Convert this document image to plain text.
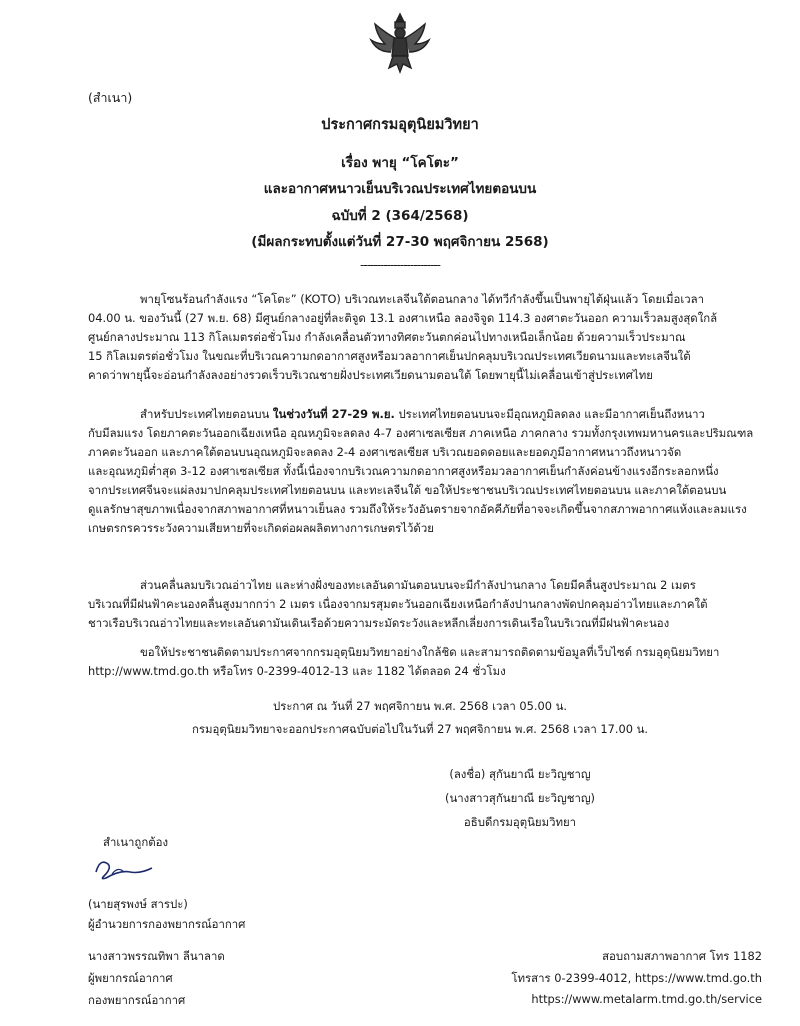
(สำเนา)
ประกาศกรมอุตุนิยมวิทยา
เรื่อง พายุ “โคโตะ”
และอากาศหนาวเย็นบริเวณประเทศไทยตอนบน
ฉบับที่ 2 (364/2568)
(มีผลกระทบตั้งแต่วันที่ 27-30 พฤศจิกายน 2568)
------------------------
พายุโซนร้อนกำลังแรง “โคโตะ” (KOTO) บริเวณทะเลจีนใต้ตอนกลาง ได้ทวีกำลังขึ้นเป็นพายุไต้ฝุ่นแล้ว โดยเมื่อเวลา
04.00 น. ของวันนี้ (27 พ.ย. 68) มีศูนย์กลางอยู่ที่ละติจูด 13.1 องศาเหนือ ลองจิจูด 114.3 องศาตะวันออก ความเร็วลมสูงสุดใกล้
ศูนย์กลางประมาณ 113 กิโลเมตรต่อชั่วโมง กำลังเคลื่อนตัวทางทิศตะวันตกค่อนไปทางเหนือเล็กน้อย ด้วยความเร็วประมาณ
15 กิโลเมตรต่อชั่วโมง ในขณะที่บริเวณความกดอากาศสูงหรือมวลอากาศเย็นปกคลุมบริเวณประเทศเวียดนามและทะเลจีนใต้
คาดว่าพายุนี้จะอ่อนกำลังลงอย่างรวดเร็วบริเวณชายฝั่งประเทศเวียดนามตอนใต้ โดยพายุนี้ไม่เคลื่อนเข้าสู่ประเทศไทย
สำหรับประเทศไทยตอนบน ในช่วงวันที่ 27-29 พ.ย. ประเทศไทยตอนบนจะมีอุณหภูมิลดลง และมีอากาศเย็นถึงหนาว
กับมีลมแรง โดยภาคตะวันออกเฉียงเหนือ อุณหภูมิจะลดลง 4-7 องศาเซลเซียส ภาคเหนือ ภาคกลาง รวมทั้งกรุงเทพมหานครและปริมณฑล
ภาคตะวันออก และภาคใต้ตอนบนอุณหภูมิจะลดลง 2-4 องศาเซลเซียส บริเวณยอดดอยและยอดภูมีอากาศหนาวถึงหนาวจัด
และอุณหภูมิต่ำสุด 3-12 องศาเซลเซียส ทั้งนี้เนื่องจากบริเวณความกดอากาศสูงหรือมวลอากาศเย็นกำลังค่อนข้างแรงอีกระลอกหนึ่ง
จากประเทศจีนจะแผ่ลงมาปกคลุมประเทศไทยตอนบน และทะเลจีนใต้ ขอให้ประชาชนบริเวณประเทศไทยตอนบน และภาคใต้ตอนบน
ดูแลรักษาสุขภาพเนื่องจากสภาพอากาศที่หนาวเย็นลง รวมถึงให้ระวังอันตรายจากอัคคีภัยที่อาจจะเกิดขึ้นจากสภาพอากาศแห้งและลมแรง
เกษตรกรควรระวังความเสียหายที่จะเกิดต่อผลผลิตทางการเกษตรไว้ด้วย
ส่วนคลื่นลมบริเวณอ่าวไทย และห่างฝั่งของทะเลอันดามันตอนบนจะมีกำลังปานกลาง โดยมีคลื่นสูงประมาณ 2 เมตร
บริเวณที่มีฝนฟ้าคะนองคลื่นสูงมากกว่า 2 เมตร เนื่องจากมรสุมตะวันออกเฉียงเหนือกำลังปานกลางพัดปกคลุมอ่าวไทยและภาคใต้
ชาวเรือบริเวณอ่าวไทยและทะเลอันดามันเดินเรือด้วยความระมัดระวังและหลีกเลี่ยงการเดินเรือในบริเวณที่มีฝนฟ้าคะนอง
ขอให้ประชาชนติดตามประกาศจากกรมอุตุนิยมวิทยาอย่างใกล้ชิด และสามารถติดตามข้อมูลที่เว็บไซต์ กรมอุตุนิยมวิทยา
http://www.tmd.go.th หรือโทร 0-2399-4012-13 และ 1182 ได้ตลอด 24 ชั่วโมง
ประกาศ ณ วันที่ 27 พฤศจิกายน พ.ศ. 2568 เวลา 05.00 น.
กรมอุตุนิยมวิทยาจะออกประกาศฉบับต่อไปในวันที่ 27 พฤศจิกายน พ.ศ. 2568 เวลา 17.00 น.
(ลงชื่อ) สุกันยาณี ยะวิญชาญ
(นางสาวสุกันยาณี ยะวิญชาญ)
อธิบดีกรมอุตุนิยมวิทยา
สำเนาถูกต้อง
(นายสุรพงษ์ สารปะ)
ผู้อำนวยการกองพยากรณ์อากาศ
นางสาวพรรณทิพา ลีนาลาด
ผู้พยากรณ์อากาศ
กองพยากรณ์อากาศ
สอบถามสภาพอากาศ โทร 1182
โทรสาร 0-2399-4012, https://www.tmd.go.th
https://www.metalarm.tmd.go.th/service
